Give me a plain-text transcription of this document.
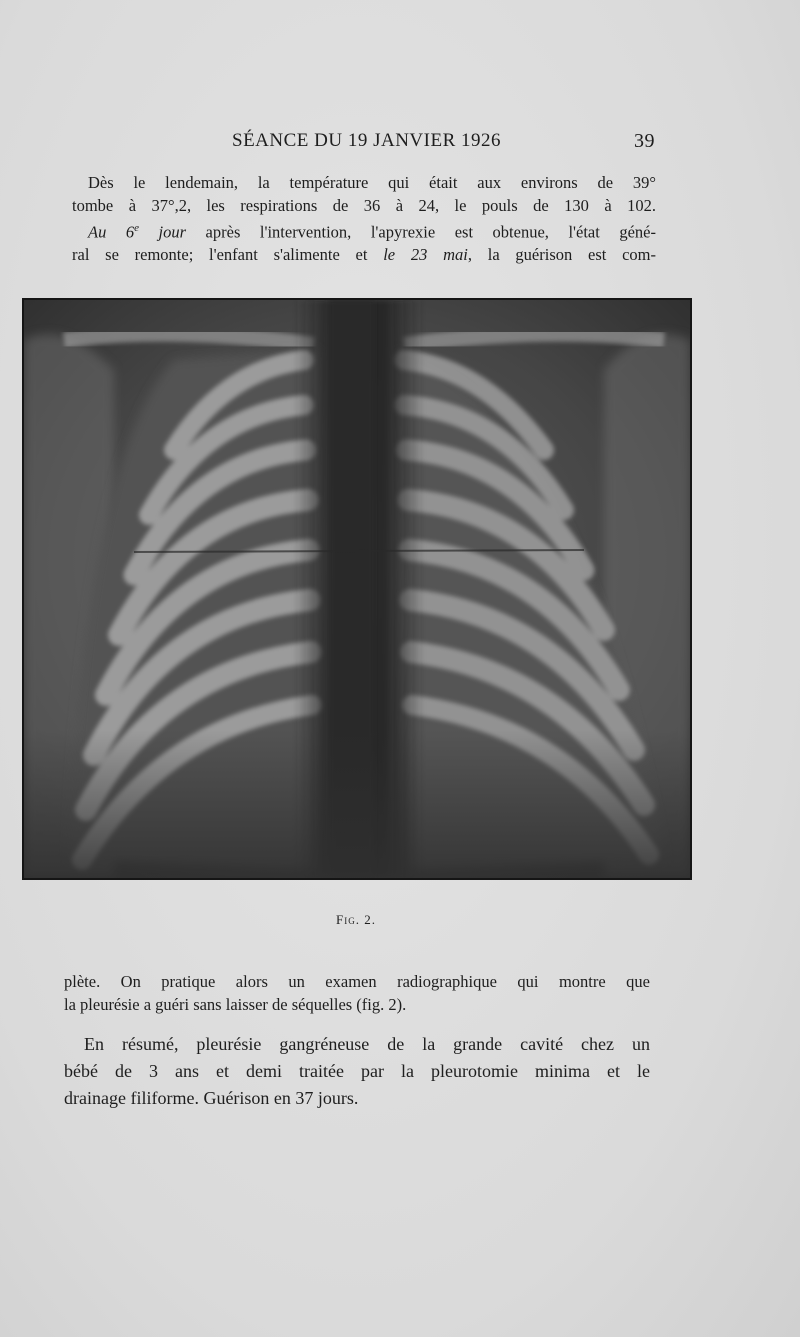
SÉANCE DU 19 JANVIER 1926	39
Dès le lendemain, la température qui était aux environs de 39°
tombe à 37°,2, les respirations de 36 à 24, le pouls de 130 à 102.
Au 6e jour après l'intervention, l'apyrexie est obtenue, l'état géné-
ral se remonte; l'enfant s'alimente et le 23 mai, la guérison est com-
Fig. 2.
plète. On pratique alors un examen radiographique qui montre que
la pleurésie a guéri sans laisser de séquelles (fig. 2).
En résumé, pleurésie gangréneuse de la grande cavité chez un
bébé de 3 ans et demi traitée par la pleurotomie minima et le
drainage filiforme. Guérison en 37 jours.
